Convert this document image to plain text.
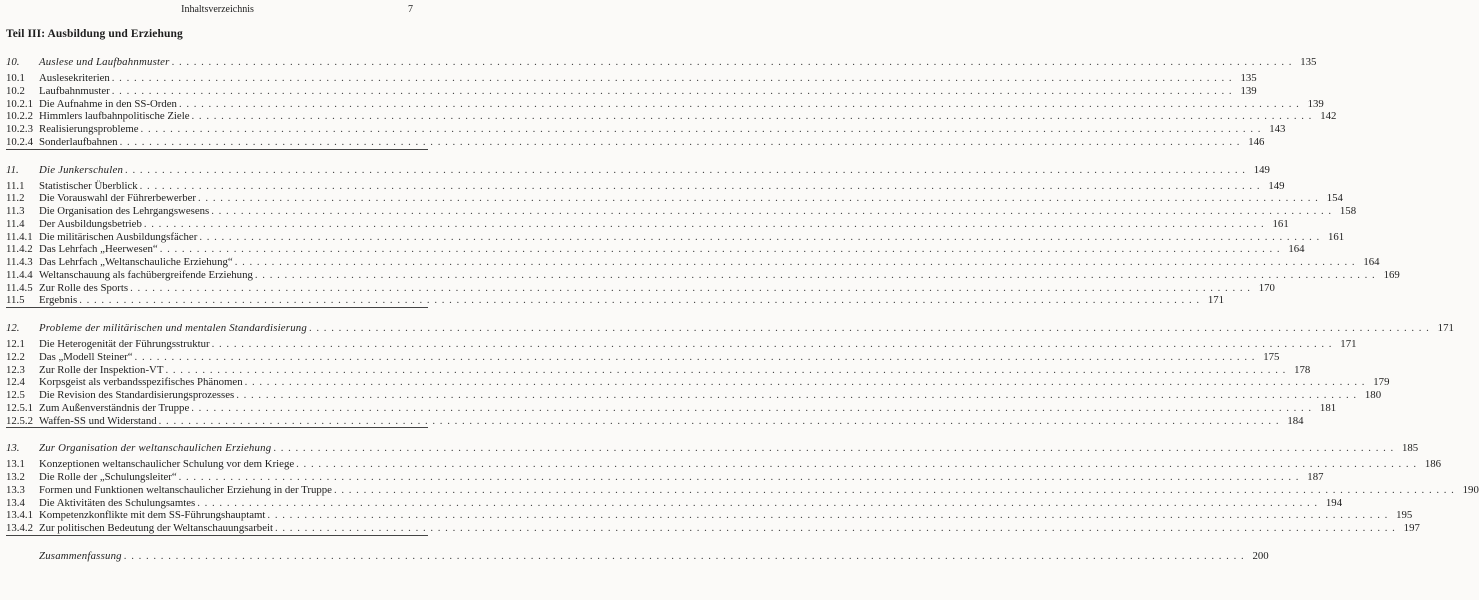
Inhaltsverzeichnis	7
Teil III: Ausbildung und Erziehung
10.	Auslese und Laufbahnmuster . . .	135
10.1	Auslesekriterien . . .	135
10.2	Laufbahnmuster . . .	139
10.2.1 Die Aufnahme in den SS-Orden . . .	139
10.2.2 Himmlers laufbahnpolitische Ziele . . .	142
10.2.3 Realisierungsprobleme . . .	143
10.2.4 Sonderlaufbahnen . . .	146
11.	Die Junkerschulen . . .	149
11.1	Statistischer Überblick . . .	149
11.2	Die Vorauswahl der Führerbewerber . . .	154
11.3	Die Organisation des Lehrgangswesens . . .	158
11.4	Der Ausbildungsbetrieb . . .	161
11.4.1 Die militärischen Ausbildungsfächer . . .	161
11.4.2 Das Lehrfach „Heerwesen“ . . .	164
11.4.3 Das Lehrfach „Weltanschauliche Erziehung“ . . .	164
11.4.4 Weltanschauung als fachübergreifende Erziehung . . .	169
11.4.5 Zur Rolle des Sports . . .	170
11.5	Ergebnis . . .	171
12.	Probleme der militärischen und mentalen Standardisierung . . .	171
12.1	Die Heterogenität der Führungsstruktur . . .	171
12.2	Das „Modell Steiner“ . . .	175
12.3	Zur Rolle der Inspektion-VT . . .	178
12.4	Korpsgeist als verbandsspezifisches Phänomen . . .	179
12.5	Die Revision des Standardisierungsprozesses . . .	180
12.5.1 Zum Außenverständnis der Truppe . . .	181
12.5.2 Waffen-SS und Widerstand . . .	184
13.	Zur Organisation der weltanschaulichen Erziehung . . .	185
13.1	Konzeptionen weltanschaulicher Schulung vor dem Kriege . . .	186
13.2	Die Rolle der „Schulungsleiter“ . . .	187
13.3	Formen und Funktionen weltanschaulicher Erziehung in der Truppe . . .	190
13.4	Die Aktivitäten des Schulungsamtes . . .	194
13.4.1 Kompetenzkonflikte mit dem SS-Führungshauptamt . . .	195
13.4.2 Zur politischen Bedeutung der Weltanschauungsarbeit . . .	197
Zusammenfassung . . .	200
